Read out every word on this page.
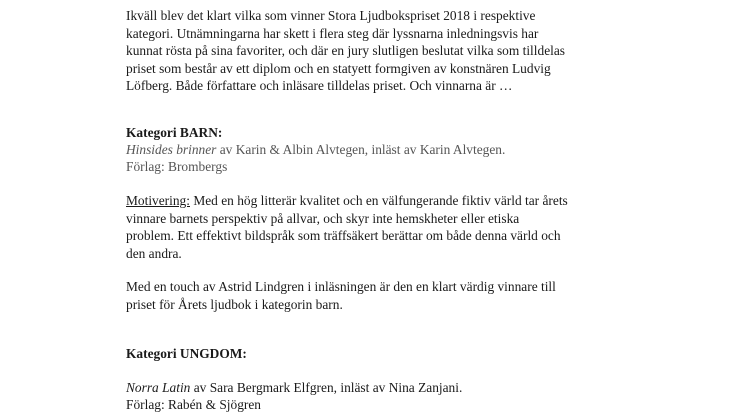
Ikväll blev det klart vilka som vinner Stora Ljudbokspriset 2018 i respektive
kategori. Utnämningarna har skett i flera steg där lyssnarna inledningsvis har
kunnat rösta på sina favoriter, och där en jury slutligen beslutat vilka som tilldelas
priset som består av ett diplom och en statyett formgiven av konstnären Ludvig
Löfberg. Både författare och inläsare tilldelas priset. Och vinnarna är …
Kategori BARN:
Hinsides brinner av Karin & Albin Alvtegen, inläst av Karin Alvtegen.
Förlag: Brombergs
Motivering: Med en hög litterär kvalitet och en välfungerande fiktiv värld tar årets
vinnare barnets perspektiv på allvar, och skyr inte hemskheter eller etiska
problem. Ett effektivt bildspråk som träffsäkert berättar om både denna värld och
den andra.
Med en touch av Astrid Lindgren i inläsningen är den en klart värdig vinnare till
priset för Årets ljudbok i kategorin barn.
Kategori UNGDOM:
Norra Latin av Sara Bergmark Elfgren, inläst av Nina Zanjani.
Förlag: Rabén & Sjögren
